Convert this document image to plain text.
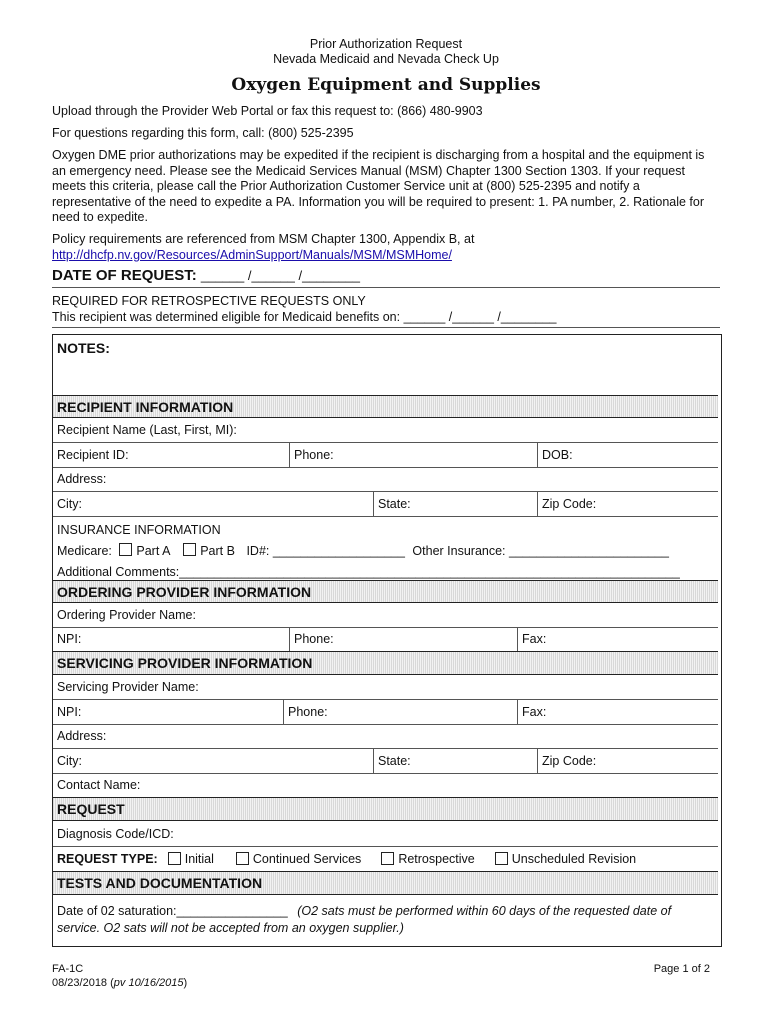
Prior Authorization Request
Nevada Medicaid and Nevada Check Up
Oxygen Equipment and Supplies
Upload through the Provider Web Portal or fax this request to: (866) 480-9903
For questions regarding this form, call: (800) 525-2395
Oxygen DME prior authorizations may be expedited if the recipient is discharging from a hospital and the equipment is an emergency need. Please see the Medicaid Services Manual (MSM) Chapter 1300 Section 1303. If your request meets this criteria, please call the Prior Authorization Customer Service unit at (800) 525-2395 and notify a representative of the need to expedite a PA. Information you will be required to present: 1. PA number, 2. Rationale for need to expedite.
Policy requirements are referenced from MSM Chapter 1300, Appendix B, at
http://dhcfp.nv.gov/Resources/AdminSupport/Manuals/MSM/MSMHome/
DATE OF REQUEST: ______ /______ /________
REQUIRED FOR RETROSPECTIVE REQUESTS ONLY
This recipient was determined eligible for Medicaid benefits on: ______ /______ /________
NOTES:
RECIPIENT INFORMATION
Recipient Name (Last, First, MI):
Recipient ID:	Phone:	DOB:
Address:
City:	State:	Zip Code:
INSURANCE INFORMATION
Medicare: Part A Part B ID#: ___________________ Other Insurance: _______________________
Additional Comments:________________________________________________________________________
ORDERING PROVIDER INFORMATION
Ordering Provider Name:
NPI:	Phone:	Fax:
SERVICING PROVIDER INFORMATION
Servicing Provider Name:
NPI:	Phone:	Fax:
Address:
City:	State:	Zip Code:
Contact Name:
REQUEST
Diagnosis Code/ICD:
REQUEST TYPE: Initial	Continued Services	Retrospective	Unscheduled Revision
TESTS AND DOCUMENTATION
Date of 02 saturation:________________ (O2 sats must be performed within 60 days of the requested date of service. O2 sats will not be accepted from an oxygen supplier.)
FA-1C
08/23/2018 (pv 10/16/2015)
Page 1 of 2
